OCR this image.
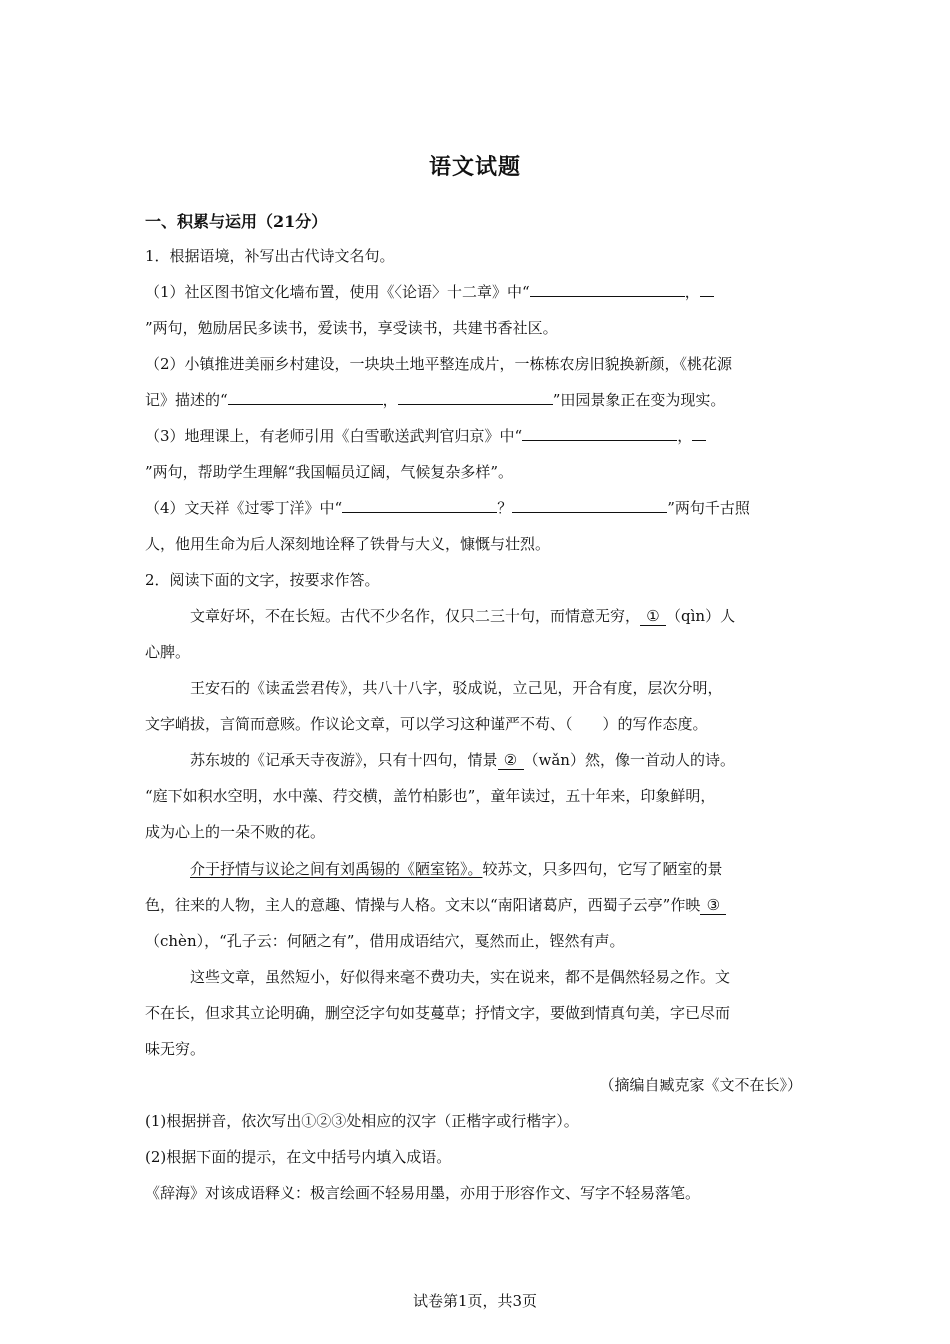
语文试题
一、积累与运用（21分）
1．根据语境，补写出古代诗文名句。
（1）社区图书馆文化墙布置，使用《〈论语〉十二章》中“	，
”两句，勉励居民多读书，爱读书，享受读书，共建书香社区。
（2）小镇推进美丽乡村建设，一块块土地平整连成片，一栋栋农房旧貌换新颜，《桃花源
记》描述的“	，	”田园景象正在变为现实。
（3）地理课上，有老师引用《白雪歌送武判官归京》中“	，
”两句，帮助学生理解“我国幅员辽阔，气候复杂多样”。
（4）文天祥《过零丁洋》中“	？	”两句千古照
人，他用生命为后人深刻地诠释了铁骨与大义，慷慨与壮烈。
2．阅读下面的文字，按要求作答。
文章好坏，不在长短。古代不少名作，仅只二三十句，而情意无穷， ① （qìn）人
心脾。
王安石的《读孟尝君传》，共八十八字，驳成说，立己见，开合有度，层次分明，
文字峭拔，言简而意赅。作议论文章，可以学习这种谨严不苟、（　　）的写作态度。
苏东坡的《记承天寺夜游》，只有十四句，情景 ② （wǎn）然，像一首动人的诗。
“庭下如积水空明，水中藻、荇交横，盖竹柏影也”，童年读过，五十年来，印象鲜明，
成为心上的一朵不败的花。
介于抒情与议论之间有刘禹锡的《陋室铭》。较苏文，只多四句，它写了陋室的景
色，往来的人物，主人的意趣、情操与人格。文末以“南阳诸葛庐，西蜀子云亭”作映 ③
（chèn），“孔子云：何陋之有”，借用成语结穴，戛然而止，铿然有声。
这些文章，虽然短小，好似得来毫不费功夫，实在说来，都不是偶然轻易之作。文
不在长，但求其立论明确，删空泛字句如芟蔓草；抒情文字，要做到情真句美，字已尽而
味无穷。
（摘编自臧克家《文不在长》）
(1)根据拼音，依次写出①②③处相应的汉字（正楷字或行楷字）。
(2)根据下面的提示，在文中括号内填入成语。
《辞海》对该成语释义：极言绘画不轻易用墨，亦用于形容作文、写字不轻易落笔。
试卷第1页，共3页
